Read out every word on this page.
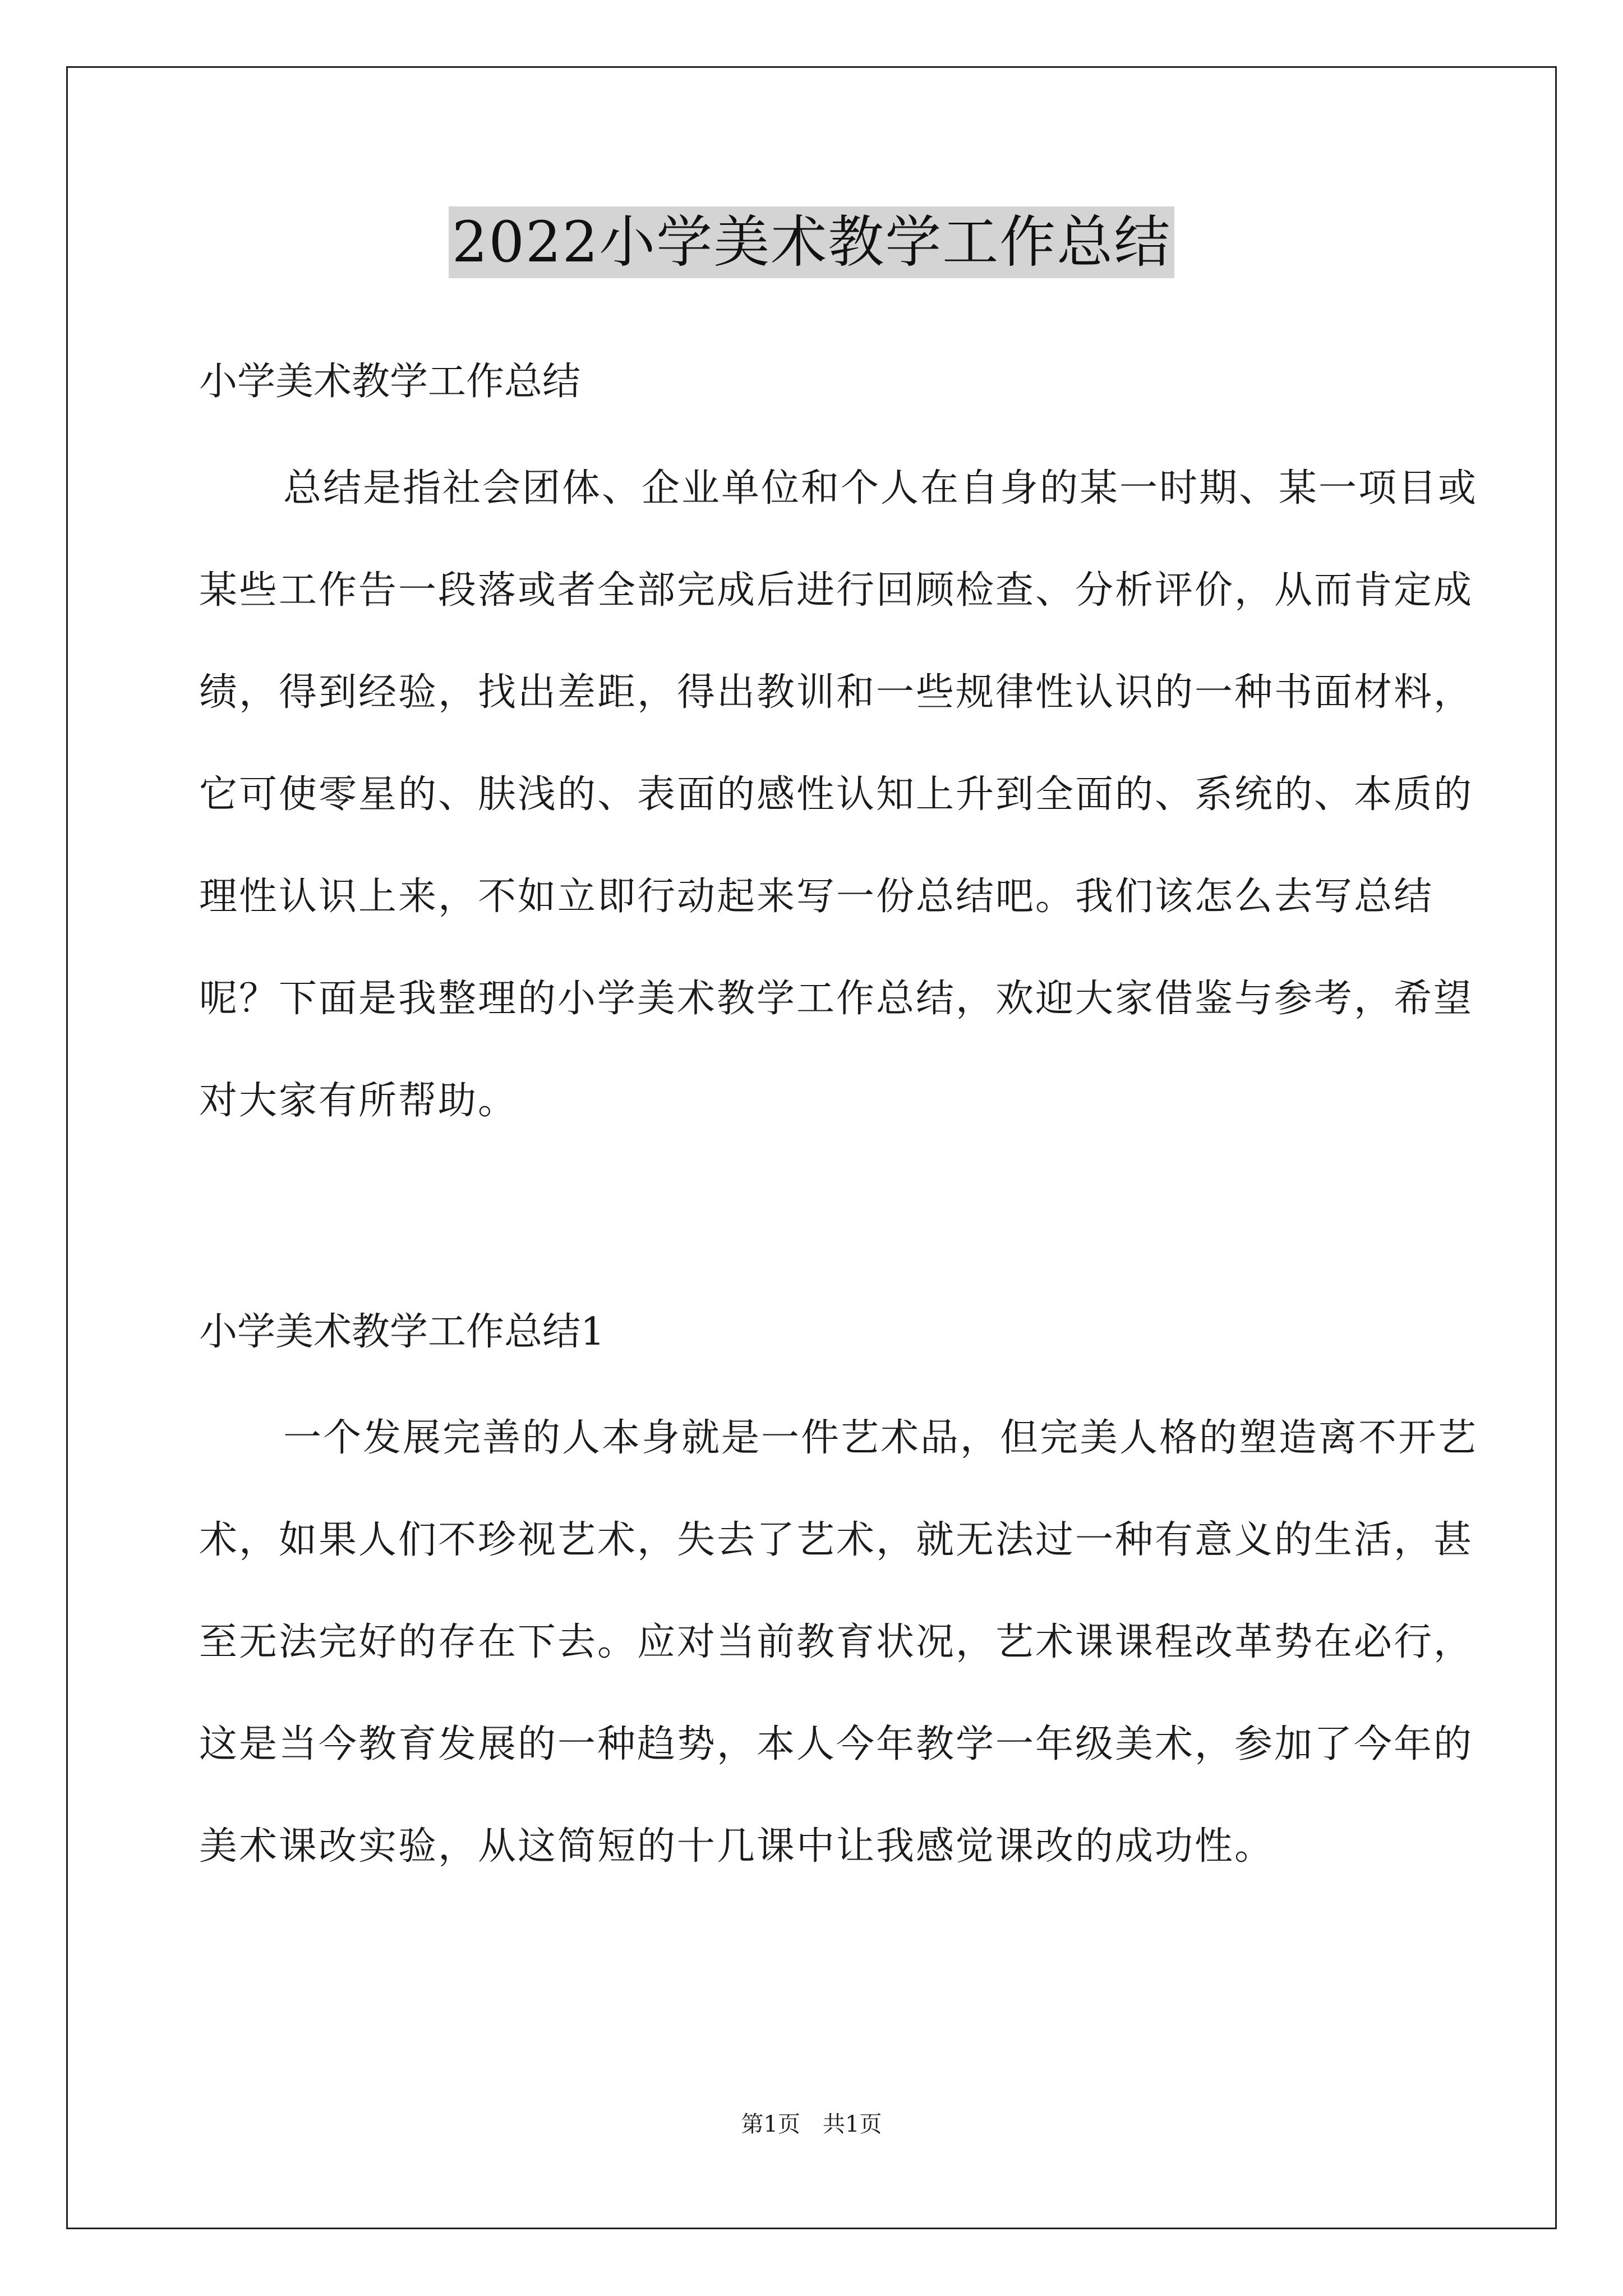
2022小学美术教学工作总结
小学美术教学工作总结
总结是指社会团体、企业单位和个人在自身的某一时期、某一项目或某些工作告一段落或者全部完成后进行回顾检查、分析评价，从而肯定成绩，得到经验，找出差距，得出教训和一些规律性认识的一种书面材料，它可使零星的、肤浅的、表面的感性认知上升到全面的、系统的、本质的理性认识上来，不如立即行动起来写一份总结吧。我们该怎么去写总结呢？下面是我整理的小学美术教学工作总结，欢迎大家借鉴与参考，希望对大家有所帮助。
小学美术教学工作总结1
一个发展完善的人本身就是一件艺术品，但完美人格的塑造离不开艺术，如果人们不珍视艺术，失去了艺术，就无法过一种有意义的生活，甚至无法完好的存在下去。应对当前教育状况，艺术课课程改革势在必行，这是当今教育发展的一种趋势，本人今年教学一年级美术，参加了今年的美术课改实验，从这简短的十几课中让我感觉课改的成功性。
第1页　共1页
